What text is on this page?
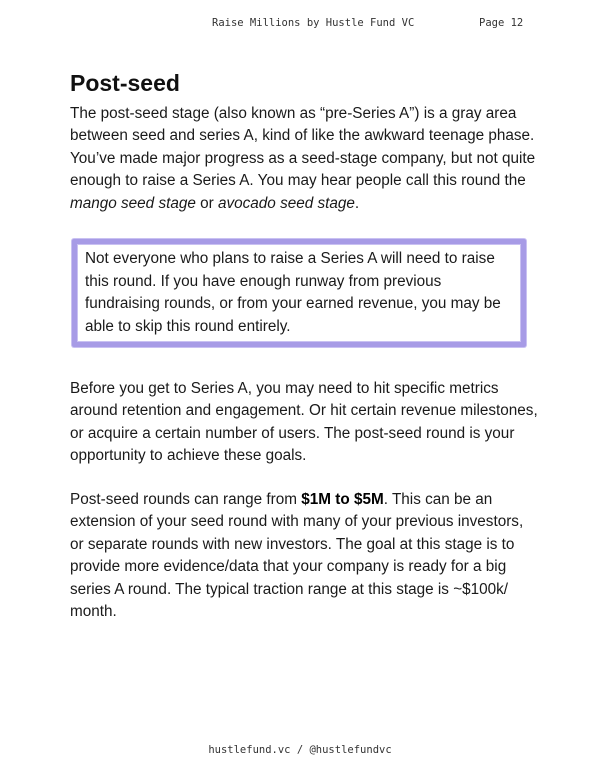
Raise Millions by Hustle Fund VC	Page 12
Post-seed

The post-seed stage (also known as “pre-Series A”) is a gray area between seed and series A, kind of like the awkward teenage phase. You’ve made major progress as a seed-stage company, but not quite enough to raise a Series A. You may hear people call this round the mango seed stage or avocado seed stage.

Not everyone who plans to raise a Series A will need to raise this round. If you have enough runway from previous fundraising rounds, or from your earned revenue, you may be able to skip this round entirely.

Before you get to Series A, you may need to hit specific metrics around retention and engagement. Or hit certain revenue milestones, or acquire a certain number of users. The post-seed round is your opportunity to achieve these goals.

Post-seed rounds can range from $1M to $5M. This can be an extension of your seed round with many of your previous investors, or separate rounds with new investors. The goal at this stage is to provide more evidence/data that your company is ready for a big series A round. The typical traction range at this stage is ~$100k/ month.

hustlefund.vc / @hustlefundvc
